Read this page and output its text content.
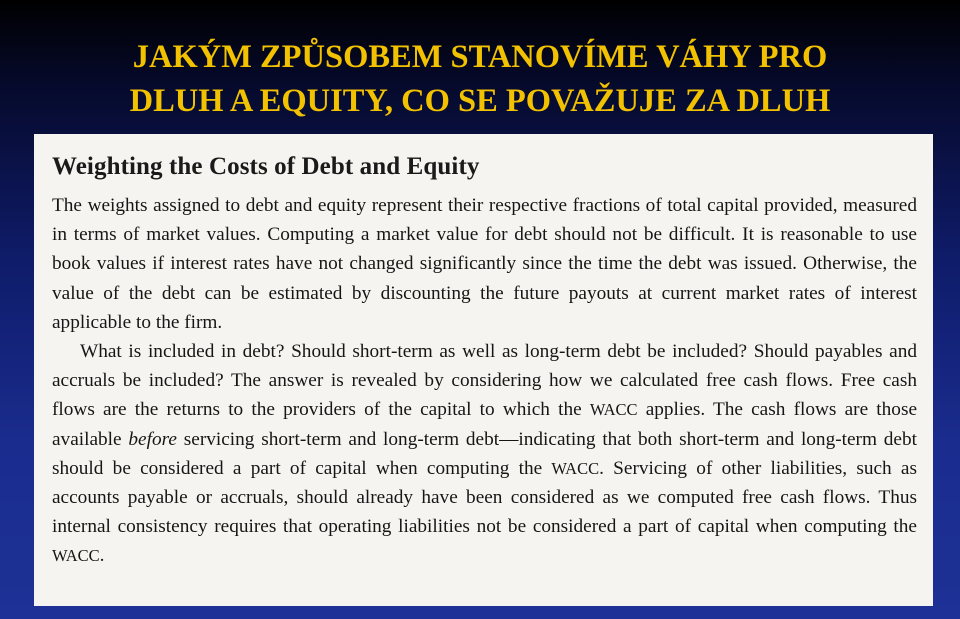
JAKÝM ZPŮSOBEM STANOVÍME VÁHY PRO
DLUH A EQUITY, CO SE POVAŽUJE ZA DLUH
Weighting the Costs of Debt and Equity

The weights assigned to debt and equity represent their respective fractions of total capital provided, measured in terms of market values. Computing a market value for debt should not be difficult. It is reasonable to use book values if interest rates have not changed significantly since the time the debt was issued. Otherwise, the value of the debt can be estimated by discounting the future payouts at current market rates of interest applicable to the firm.

What is included in debt? Should short-term as well as long-term debt be included? Should payables and accruals be included? The answer is revealed by considering how we calculated free cash flows. Free cash flows are the returns to the providers of the capital to which the WACC applies. The cash flows are those available before servicing short-term and long-term debt—indicating that both short-term and long-term debt should be considered a part of capital when computing the WACC. Servicing of other liabilities, such as accounts payable or accruals, should already have been considered as we computed free cash flows. Thus internal consistency requires that operating liabilities not be considered a part of capital when computing the WACC.
